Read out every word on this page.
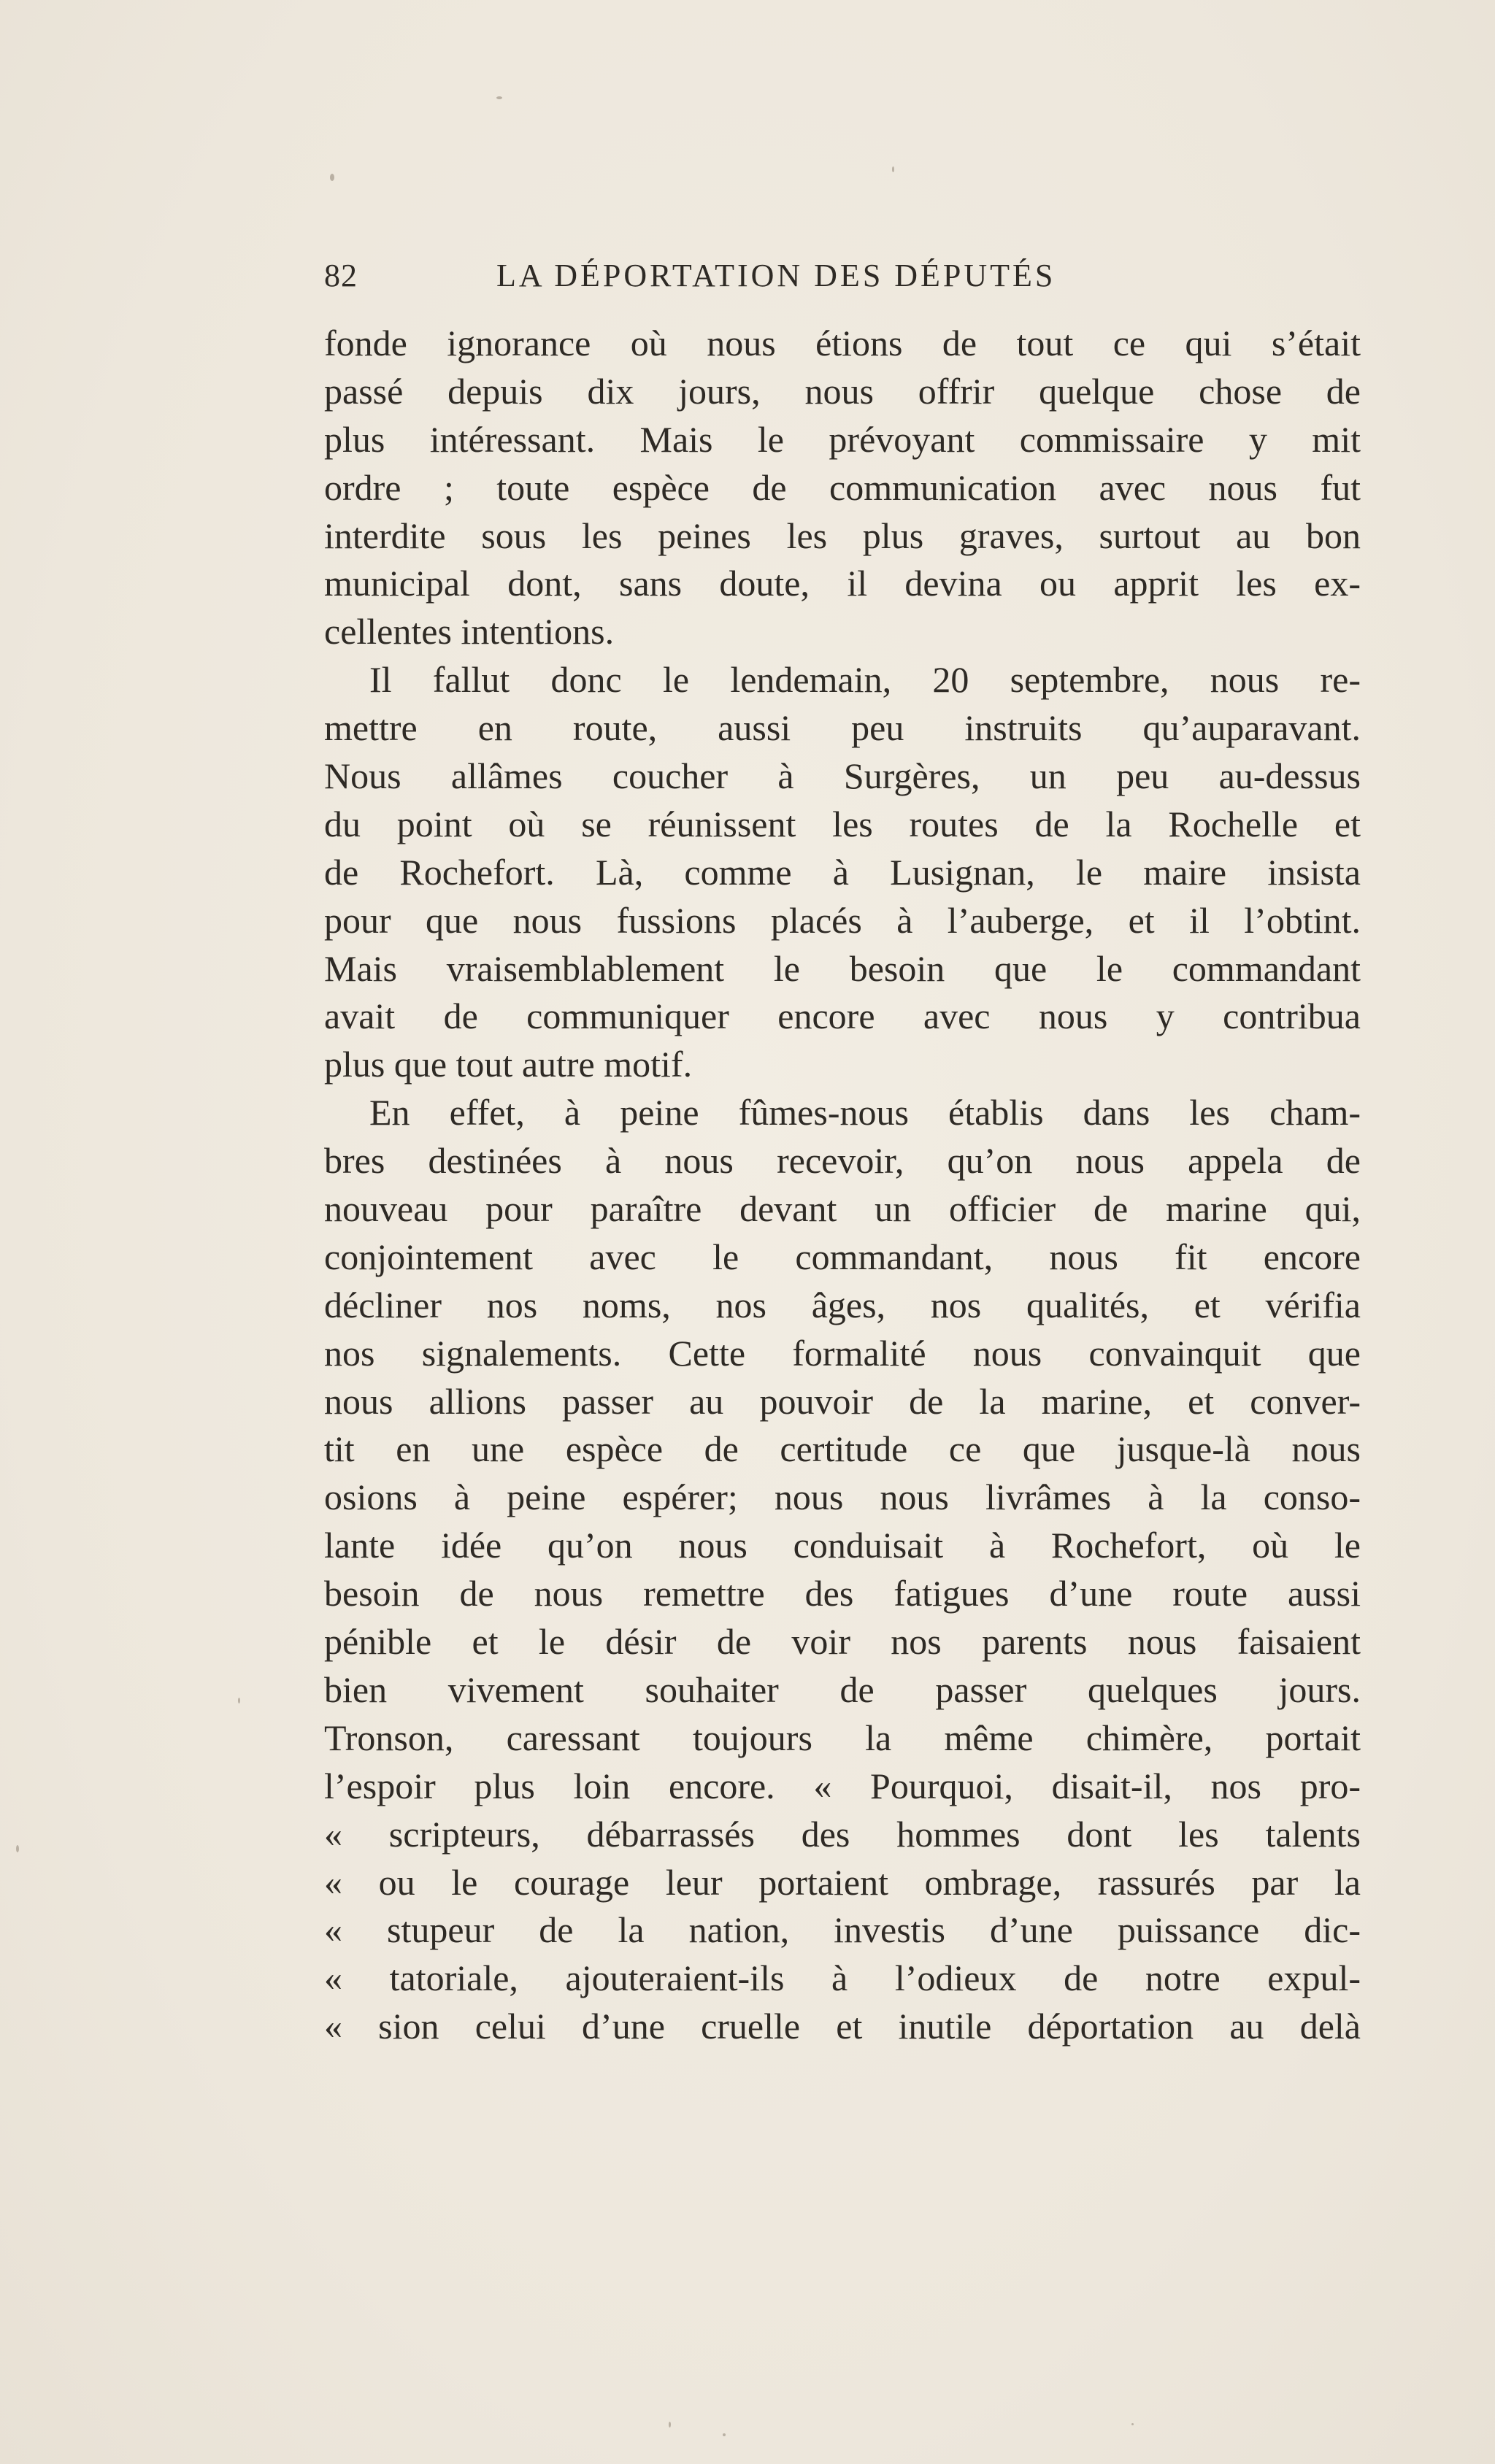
82	LA DÉPORTATION DES DÉPUTÉS
fonde ignorance où nous étions de tout ce qui s’était
passé depuis dix jours, nous offrir quelque chose de
plus intéressant. Mais le prévoyant commissaire y mit
ordre ; toute espèce de communication avec nous fut
interdite sous les peines les plus graves, surtout au bon
municipal dont, sans doute, il devina ou apprit les ex-
cellentes intentions.
Il fallut donc le lendemain, 20 septembre, nous re-
mettre en route, aussi peu instruits qu’auparavant.
Nous allâmes coucher à Surgères, un peu au-dessus
du point où se réunissent les routes de la Rochelle et
de Rochefort. Là, comme à Lusignan, le maire insista
pour que nous fussions placés à l’auberge, et il l’obtint.
Mais vraisemblablement le besoin que le commandant
avait de communiquer encore avec nous y contribua
plus que tout autre motif.
En effet, à peine fûmes-nous établis dans les cham-
bres destinées à nous recevoir, qu’on nous appela de
nouveau pour paraître devant un officier de marine qui,
conjointement avec le commandant, nous fit encore
décliner nos noms, nos âges, nos qualités, et vérifia
nos signalements. Cette formalité nous convainquit que
nous allions passer au pouvoir de la marine, et conver-
tit en une espèce de certitude ce que jusque-là nous
osions à peine espérer; nous nous livrâmes à la conso-
lante idée qu’on nous conduisait à Rochefort, où le
besoin de nous remettre des fatigues d’une route aussi
pénible et le désir de voir nos parents nous faisaient
bien vivement souhaiter de passer quelques jours.
Tronson, caressant toujours la même chimère, portait
l’espoir plus loin encore. « Pourquoi, disait-il, nos pro-
« scripteurs, débarrassés des hommes dont les talents
« ou le courage leur portaient ombrage, rassurés par la
« stupeur de la nation, investis d’une puissance dic-
« tatoriale, ajouteraient-ils à l’odieux de notre expul-
« sion celui d’une cruelle et inutile déportation au delà
